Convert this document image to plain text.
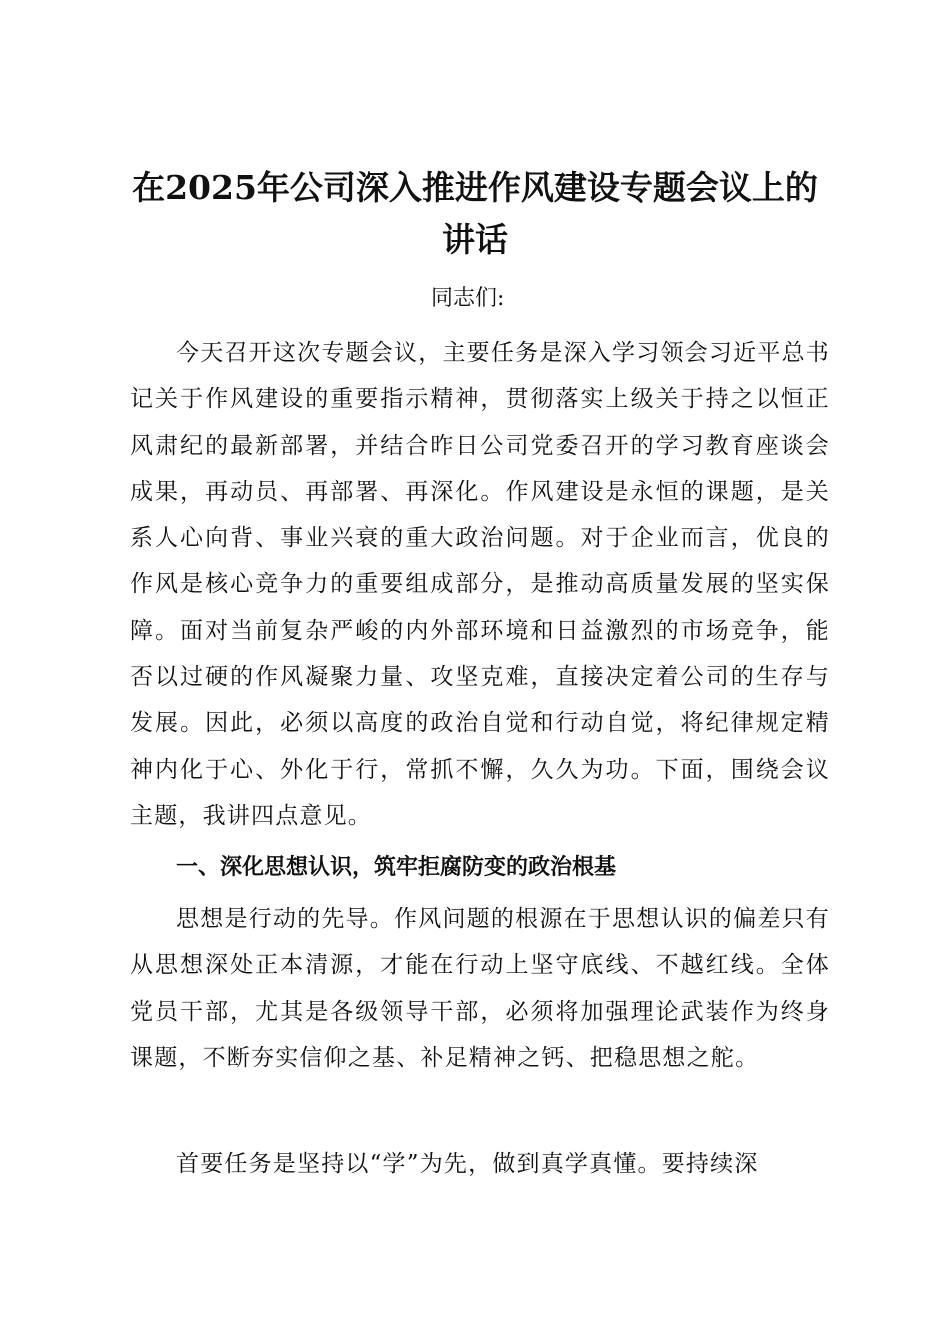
在2025年公司深入推进作风建设专题会议上的讲话

同志们:

今天召开这次专题会议，主要任务是深入学习领会习近平总书记关于作风建设的重要指示精神，贯彻落实上级关于持之以恒正风肃纪的最新部署，并结合昨日公司党委召开的学习教育座谈会成果，再动员、再部署、再深化。作风建设是永恒的课题，是关系人心向背、事业兴衰的重大政治问题。对于企业而言，优良的作风是核心竞争力的重要组成部分，是推动高质量发展的坚实保障。面对当前复杂严峻的内外部环境和日益激烈的市场竞争，能否以过硬的作风凝聚力量、攻坚克难，直接决定着公司的生存与发展。因此，必须以高度的政治自觉和行动自觉，将纪律规定精神内化于心、外化于行，常抓不懈，久久为功。下面，围绕会议主题，我讲四点意见。

一、深化思想认识，筑牢拒腐防变的政治根基

思想是行动的先导。作风问题的根源在于思想认识的偏差只有从思想深处正本清源，才能在行动上坚守底线、不越红线。全体党员干部，尤其是各级领导干部，必须将加强理论武装作为终身课题，不断夯实信仰之基、补足精神之钙、把稳思想之舵。

首要任务是坚持以“学”为先，做到真学真懂。要持续深
